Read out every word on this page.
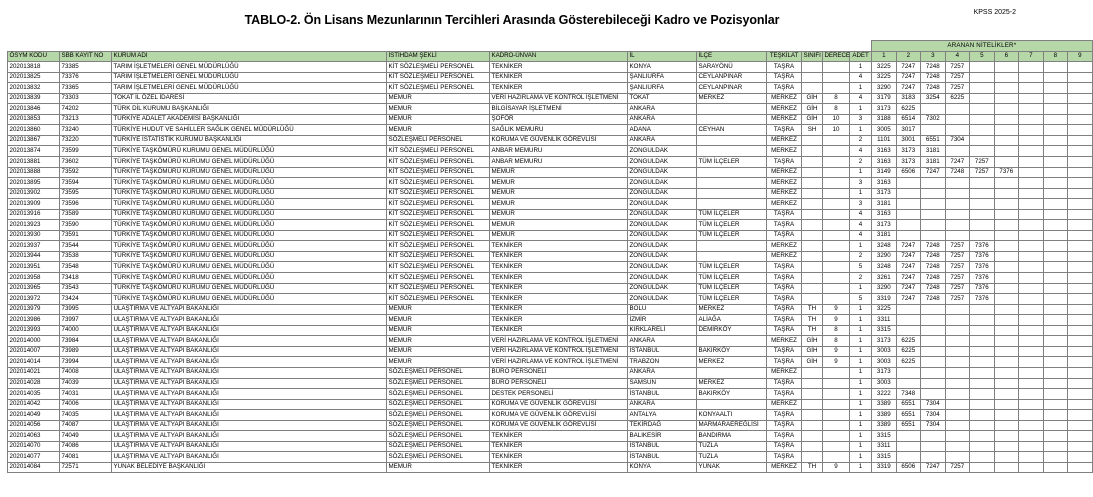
TABLO-2. Ön Lisans Mezunlarının Tercihleri Arasında Gösterebileceği Kadro ve Pozisyonlar
KPSS 2025-2
											ARANAN NİTELİKLER*								
ÖSYM KODU	SBB KAYIT NO	KURUM ADI	İSTİHDAM ŞEKLİ	KADRO-ÜNVAN	İL	İLÇE	TEŞKİLAT	SINIFI	DERECE	ADET	1	2	3	4	5	6	7	8	9
202013818	73385	TARIM İŞLETMELERİ GENEL MÜDÜRLÜĞÜ	KİT SÖZLEŞMELİ PERSONEL	TEKNİKER	KONYA	SARAYÖNÜ	TAŞRA			1	3225	7247	7248	7257					
202013825	73376	TARIM İŞLETMELERİ GENEL MÜDÜRLÜĞÜ	KİT SÖZLEŞMELİ PERSONEL	TEKNİKER	ŞANLIURFA	CEYLANPINAR	TAŞRA			4	3225	7247	7248	7257					
202013832	73365	TARIM İŞLETMELERİ GENEL MÜDÜRLÜĞÜ	KİT SÖZLEŞMELİ PERSONEL	TEKNİKER	ŞANLIURFA	CEYLANPINAR	TAŞRA			1	3290	7247	7248	7257					
202013839	73303	TOKAT İL ÖZEL İDARESİ	MEMUR	VERİ HAZIRLAMA VE KONTROL İŞLETMENİ	TOKAT	MERKEZ	MERKEZ	GİH	8	4	3179	3183	3254	6225					
202013846	74202	TÜRK DİL KURUMU BAŞKANLIĞI	MEMUR	BİLGİSAYAR İŞLETMENİ	ANKARA		MERKEZ	GİH	8	1	3173	6225							
202013853	73213	TÜRKİYE ADALET AKADEMİSİ BAŞKANLIĞI	MEMUR	ŞOFÖR	ANKARA		MERKEZ	GİH	10	3	3188	6514	7302						
202013860	73240	TÜRKİYE HUDUT VE SAHİLLER SAĞLIK GENEL MÜDÜRLÜĞÜ	MEMUR	SAĞLIK MEMURU	ADANA	CEYHAN	TAŞRA	SH	10	1	3005	3017							
202013867	73220	TÜRKİYE İSTATİSTİK KURUMU BAŞKANLIĞI	SÖZLEŞMELİ PERSONEL	KORUMA VE GÜVENLİK GÖREVLİSİ	ANKARA		MERKEZ			2	1101	3001	6551	7304					
202013874	73599	TÜRKİYE TAŞKÖMÜRÜ KURUMU GENEL MÜDÜRLÜĞÜ	KİT SÖZLEŞMELİ PERSONEL	ANBAR MEMURU	ZONGULDAK		MERKEZ			4	3163	3173	3181						
202013881	73602	TÜRKİYE TAŞKÖMÜRÜ KURUMU GENEL MÜDÜRLÜĞÜ	KİT SÖZLEŞMELİ PERSONEL	ANBAR MEMURU	ZONGULDAK	TÜM İLÇELER	TAŞRA			2	3163	3173	3181	7247	7257				
202013888	73592	TÜRKİYE TAŞKÖMÜRÜ KURUMU GENEL MÜDÜRLÜĞÜ	KİT SÖZLEŞMELİ PERSONEL	MEMUR	ZONGULDAK		MERKEZ			1	3149	6506	7247	7248	7257	7376			
202013895	73594	TÜRKİYE TAŞKÖMÜRÜ KURUMU GENEL MÜDÜRLÜĞÜ	KİT SÖZLEŞMELİ PERSONEL	MEMUR	ZONGULDAK		MERKEZ			3	3163								
202013902	73595	TÜRKİYE TAŞKÖMÜRÜ KURUMU GENEL MÜDÜRLÜĞÜ	KİT SÖZLEŞMELİ PERSONEL	MEMUR	ZONGULDAK		MERKEZ			1	3173								
202013909	73596	TÜRKİYE TAŞKÖMÜRÜ KURUMU GENEL MÜDÜRLÜĞÜ	KİT SÖZLEŞMELİ PERSONEL	MEMUR	ZONGULDAK		MERKEZ			3	3181								
202013916	73589	TÜRKİYE TAŞKÖMÜRÜ KURUMU GENEL MÜDÜRLÜĞÜ	KİT SÖZLEŞMELİ PERSONEL	MEMUR	ZONGULDAK	TÜM İLÇELER	TAŞRA			4	3163								
202013923	73590	TÜRKİYE TAŞKÖMÜRÜ KURUMU GENEL MÜDÜRLÜĞÜ	KİT SÖZLEŞMELİ PERSONEL	MEMUR	ZONGULDAK	TÜM İLÇELER	TAŞRA			4	3173								
202013930	73591	TÜRKİYE TAŞKÖMÜRÜ KURUMU GENEL MÜDÜRLÜĞÜ	KİT SÖZLEŞMELİ PERSONEL	MEMUR	ZONGULDAK	TÜM İLÇELER	TAŞRA			4	3181								
202013937	73544	TÜRKİYE TAŞKÖMÜRÜ KURUMU GENEL MÜDÜRLÜĞÜ	KİT SÖZLEŞMELİ PERSONEL	TEKNİKER	ZONGULDAK		MERKEZ			1	3248	7247	7248	7257	7376				
202013944	73538	TÜRKİYE TAŞKÖMÜRÜ KURUMU GENEL MÜDÜRLÜĞÜ	KİT SÖZLEŞMELİ PERSONEL	TEKNİKER	ZONGULDAK		MERKEZ			2	3290	7247	7248	7257	7376				
202013951	73548	TÜRKİYE TAŞKÖMÜRÜ KURUMU GENEL MÜDÜRLÜĞÜ	KİT SÖZLEŞMELİ PERSONEL	TEKNİKER	ZONGULDAK	TÜM İLÇELER	TAŞRA			5	3248	7247	7248	7257	7376				
202013958	73418	TÜRKİYE TAŞKÖMÜRÜ KURUMU GENEL MÜDÜRLÜĞÜ	KİT SÖZLEŞMELİ PERSONEL	TEKNİKER	ZONGULDAK	TÜM İLÇELER	TAŞRA			2	3261	7247	7248	7257	7376				
202013965	73543	TÜRKİYE TAŞKÖMÜRÜ KURUMU GENEL MÜDÜRLÜĞÜ	KİT SÖZLEŞMELİ PERSONEL	TEKNİKER	ZONGULDAK	TÜM İLÇELER	TAŞRA			1	3290	7247	7248	7257	7376				
202013972	73424	TÜRKİYE TAŞKÖMÜRÜ KURUMU GENEL MÜDÜRLÜĞÜ	KİT SÖZLEŞMELİ PERSONEL	TEKNİKER	ZONGULDAK	TÜM İLÇELER	TAŞRA			5	3319	7247	7248	7257	7376				
202013979	73995	ULAŞTIRMA VE ALTYAPI BAKANLIĞI	MEMUR	TEKNİKER	BOLU	MERKEZ	TAŞRA	TH	9	1	3225								
202013986	73997	ULAŞTIRMA VE ALTYAPI BAKANLIĞI	MEMUR	TEKNİKER	İZMİR	ALİAĞA	TAŞRA	TH	9	1	3311								
202013993	74000	ULAŞTIRMA VE ALTYAPI BAKANLIĞI	MEMUR	TEKNİKER	KIRKLARELİ	DEMİRKÖY	TAŞRA	TH	8	1	3315								
202014000	73984	ULAŞTIRMA VE ALTYAPI BAKANLIĞI	MEMUR	VERİ HAZIRLAMA VE KONTROL İŞLETMENİ	ANKARA		MERKEZ	GİH	8	1	3173	6225							
202014007	73989	ULAŞTIRMA VE ALTYAPI BAKANLIĞI	MEMUR	VERİ HAZIRLAMA VE KONTROL İŞLETMENİ	İSTANBUL	BAKIRKÖY	TAŞRA	GİH	9	1	3003	6225							
202014014	73994	ULAŞTIRMA VE ALTYAPI BAKANLIĞI	MEMUR	VERİ HAZIRLAMA VE KONTROL İŞLETMENİ	TRABZON	MERKEZ	TAŞRA	GİH	9	1	3003	6225							
202014021	74008	ULAŞTIRMA VE ALTYAPI BAKANLIĞI	SÖZLEŞMELİ PERSONEL	BÜRO PERSONELİ	ANKARA		MERKEZ			1	3173								
202014028	74039	ULAŞTIRMA VE ALTYAPI BAKANLIĞI	SÖZLEŞMELİ PERSONEL	BÜRO PERSONELİ	SAMSUN	MERKEZ	TAŞRA			1	3003								
202014035	74031	ULAŞTIRMA VE ALTYAPI BAKANLIĞI	SÖZLEŞMELİ PERSONEL	DESTEK PERSONELİ	İSTANBUL	BAKIRKÖY	TAŞRA			1	3222	7348							
202014042	74006	ULAŞTIRMA VE ALTYAPI BAKANLIĞI	SÖZLEŞMELİ PERSONEL	KORUMA VE GÜVENLİK GÖREVLİSİ	ANKARA		MERKEZ			1	3389	6551	7304						
202014049	74035	ULAŞTIRMA VE ALTYAPI BAKANLIĞI	SÖZLEŞMELİ PERSONEL	KORUMA VE GÜVENLİK GÖREVLİSİ	ANTALYA	KONYAALTI	TAŞRA			1	3389	6551	7304						
202014056	74087	ULAŞTIRMA VE ALTYAPI BAKANLIĞI	SÖZLEŞMELİ PERSONEL	KORUMA VE GÜVENLİK GÖREVLİSİ	TEKİRDAĞ	MARMARAEREĞLİSİ	TAŞRA			1	3389	6551	7304						
202014063	74049	ULAŞTIRMA VE ALTYAPI BAKANLIĞI	SÖZLEŞMELİ PERSONEL	TEKNİKER	BALIKESİR	BANDIRMA	TAŞRA			1	3315								
202014070	74086	ULAŞTIRMA VE ALTYAPI BAKANLIĞI	SÖZLEŞMELİ PERSONEL	TEKNİKER	İSTANBUL	TUZLA	TAŞRA			1	3311								
202014077	74081	ULAŞTIRMA VE ALTYAPI BAKANLIĞI	SÖZLEŞMELİ PERSONEL	TEKNİKER	İSTANBUL	TUZLA	TAŞRA			1	3315								
202014084	72571	YUNAK BELEDİYE BAŞKANLIĞI	MEMUR	TEKNİKER	KONYA	YUNAK	MERKEZ	TH	9	1	3319	6506	7247	7257					
